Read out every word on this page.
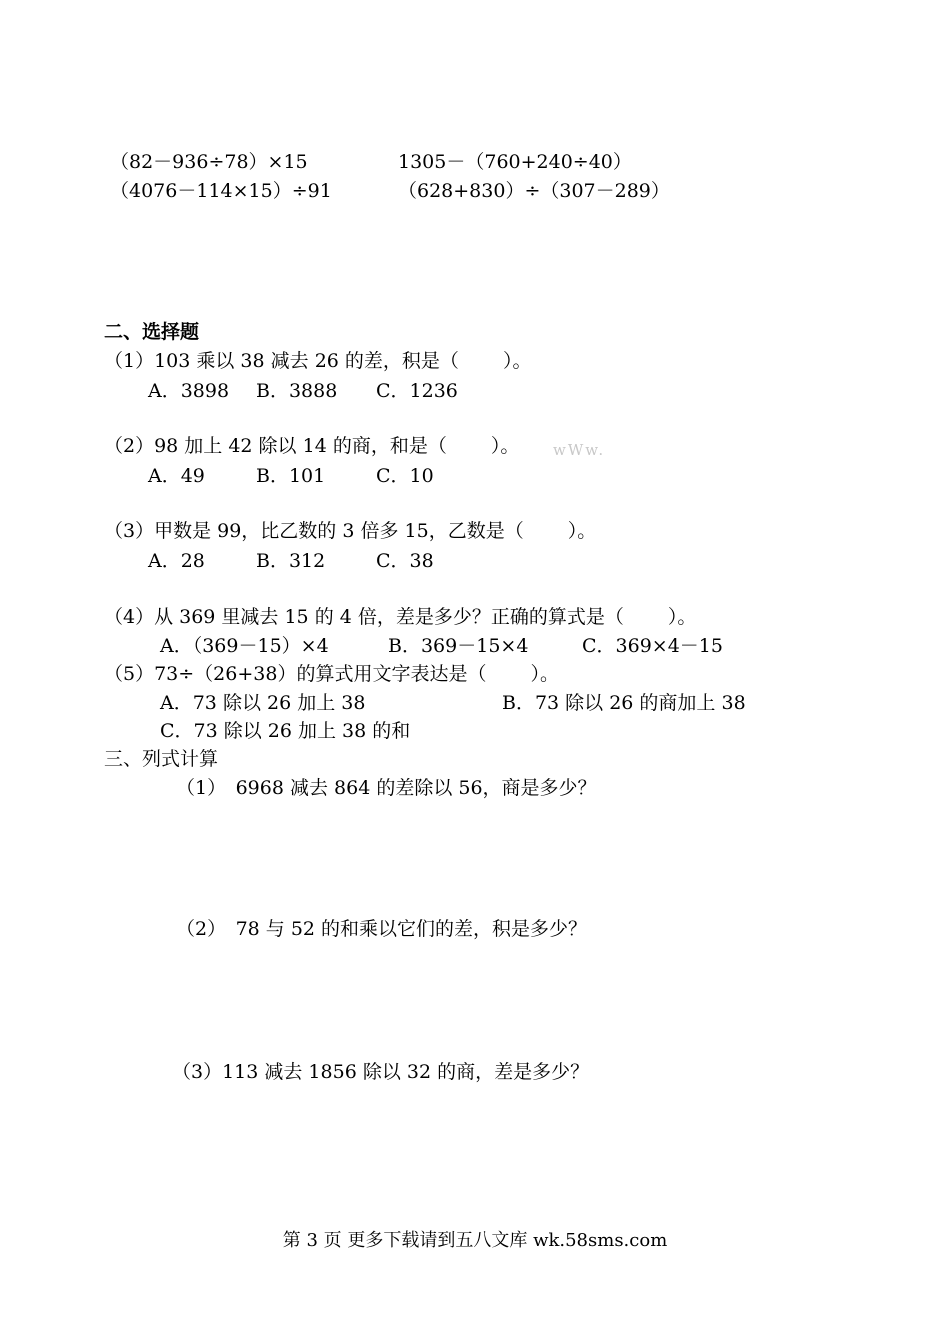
（82－936÷78）×15	1305－（760+240÷40）
（4076－114×15）÷91	（628+830）÷（307－289）
二、选择题
（1）103 乘以 38 减去 26 的差，积是（　　 ）。
A．3898 B．3888 C．1236
（2）98 加上 42 除以 14 的商，和是（　　 ）。 wWw.
A．49	B．101	C．10
（3）甲数是 99，比乙数的 3 倍多 15，乙数是（　　 ）。
A．28	B．312	C．38
（4）从 369 里减去 15 的 4 倍，差是多少？正确的算式是（　　 ）。
A．（369－15）×4	B．369－15×4	C．369×4－15
（5）73÷（26+38）的算式用文字表达是（　　 ）。
A．73 除以 26 加上 38	B．73 除以 26 的商加上 38
C．73 除以 26 加上 38 的和
三、列式计算
（1）　6968 减去 864 的差除以 56，商是多少？
（2）　78 与 52 的和乘以它们的差，积是多少？
（3）113 减去 1856 除以 32 的商，差是多少？
第 3 页 更多下载请到五八文库 wk.58sms.com
